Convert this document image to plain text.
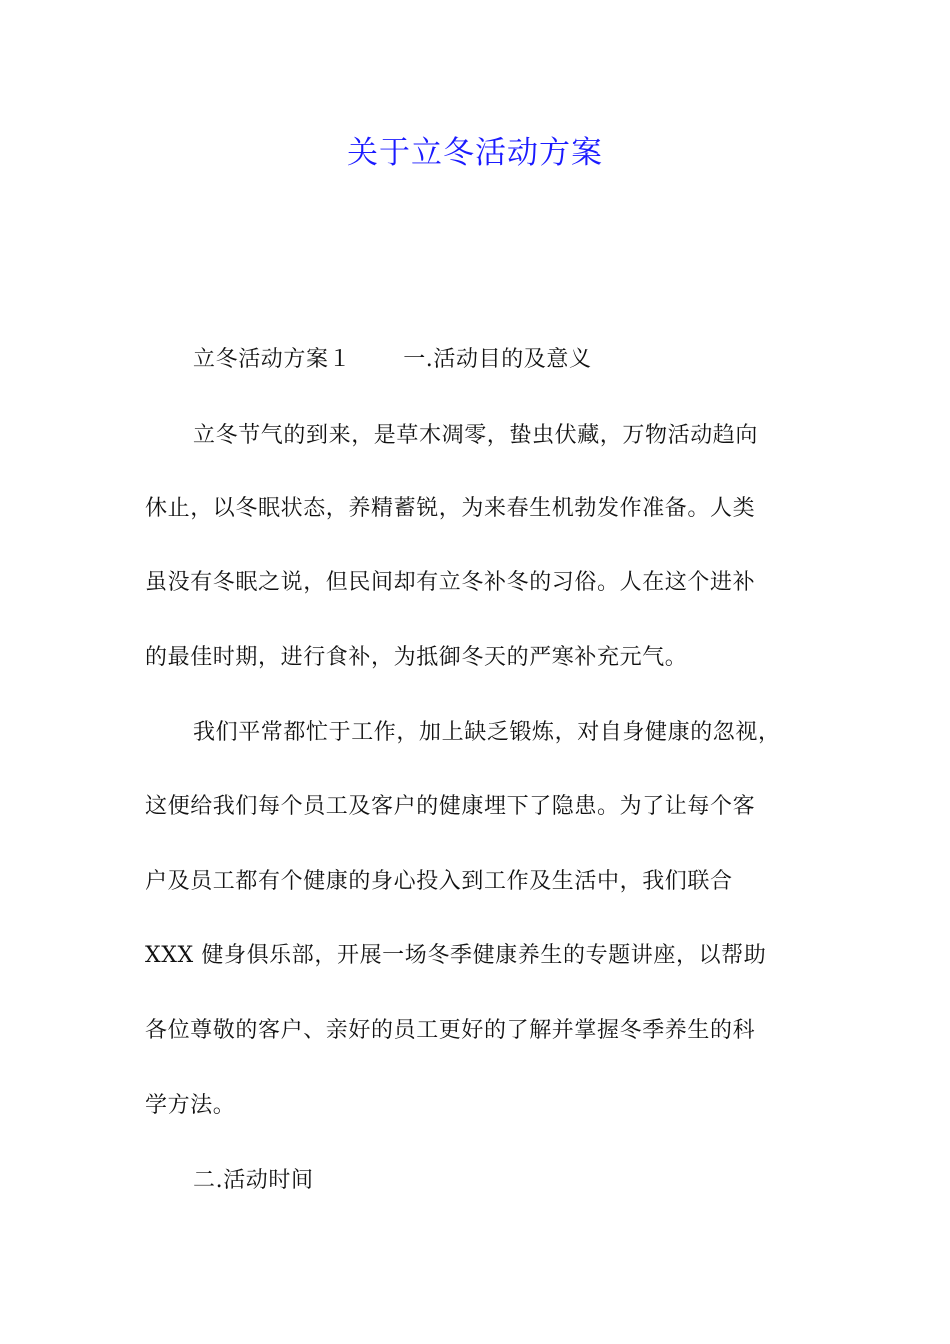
关于立冬活动方案
立冬活动方案１ 一.活动目的及意义
立冬节气的到来，是草木凋零，蛰虫伏藏，万物活动趋向
休止，以冬眠状态，养精蓄锐，为来春生机勃发作准备。人类
虽没有冬眠之说，但民间却有立冬补冬的习俗。人在这个进补
的最佳时期，进行食补，为抵御冬天的严寒补充元气。
我们平常都忙于工作，加上缺乏锻炼，对自身健康的忽视，
这便给我们每个员工及客户的健康埋下了隐患。为了让每个客
户及员工都有个健康的身心投入到工作及生活中，我们联合
XXX 健身俱乐部，开展一场冬季健康养生的专题讲座，以帮助
各位尊敬的客户、亲好的员工更好的了解并掌握冬季养生的科
学方法。
二.活动时间
